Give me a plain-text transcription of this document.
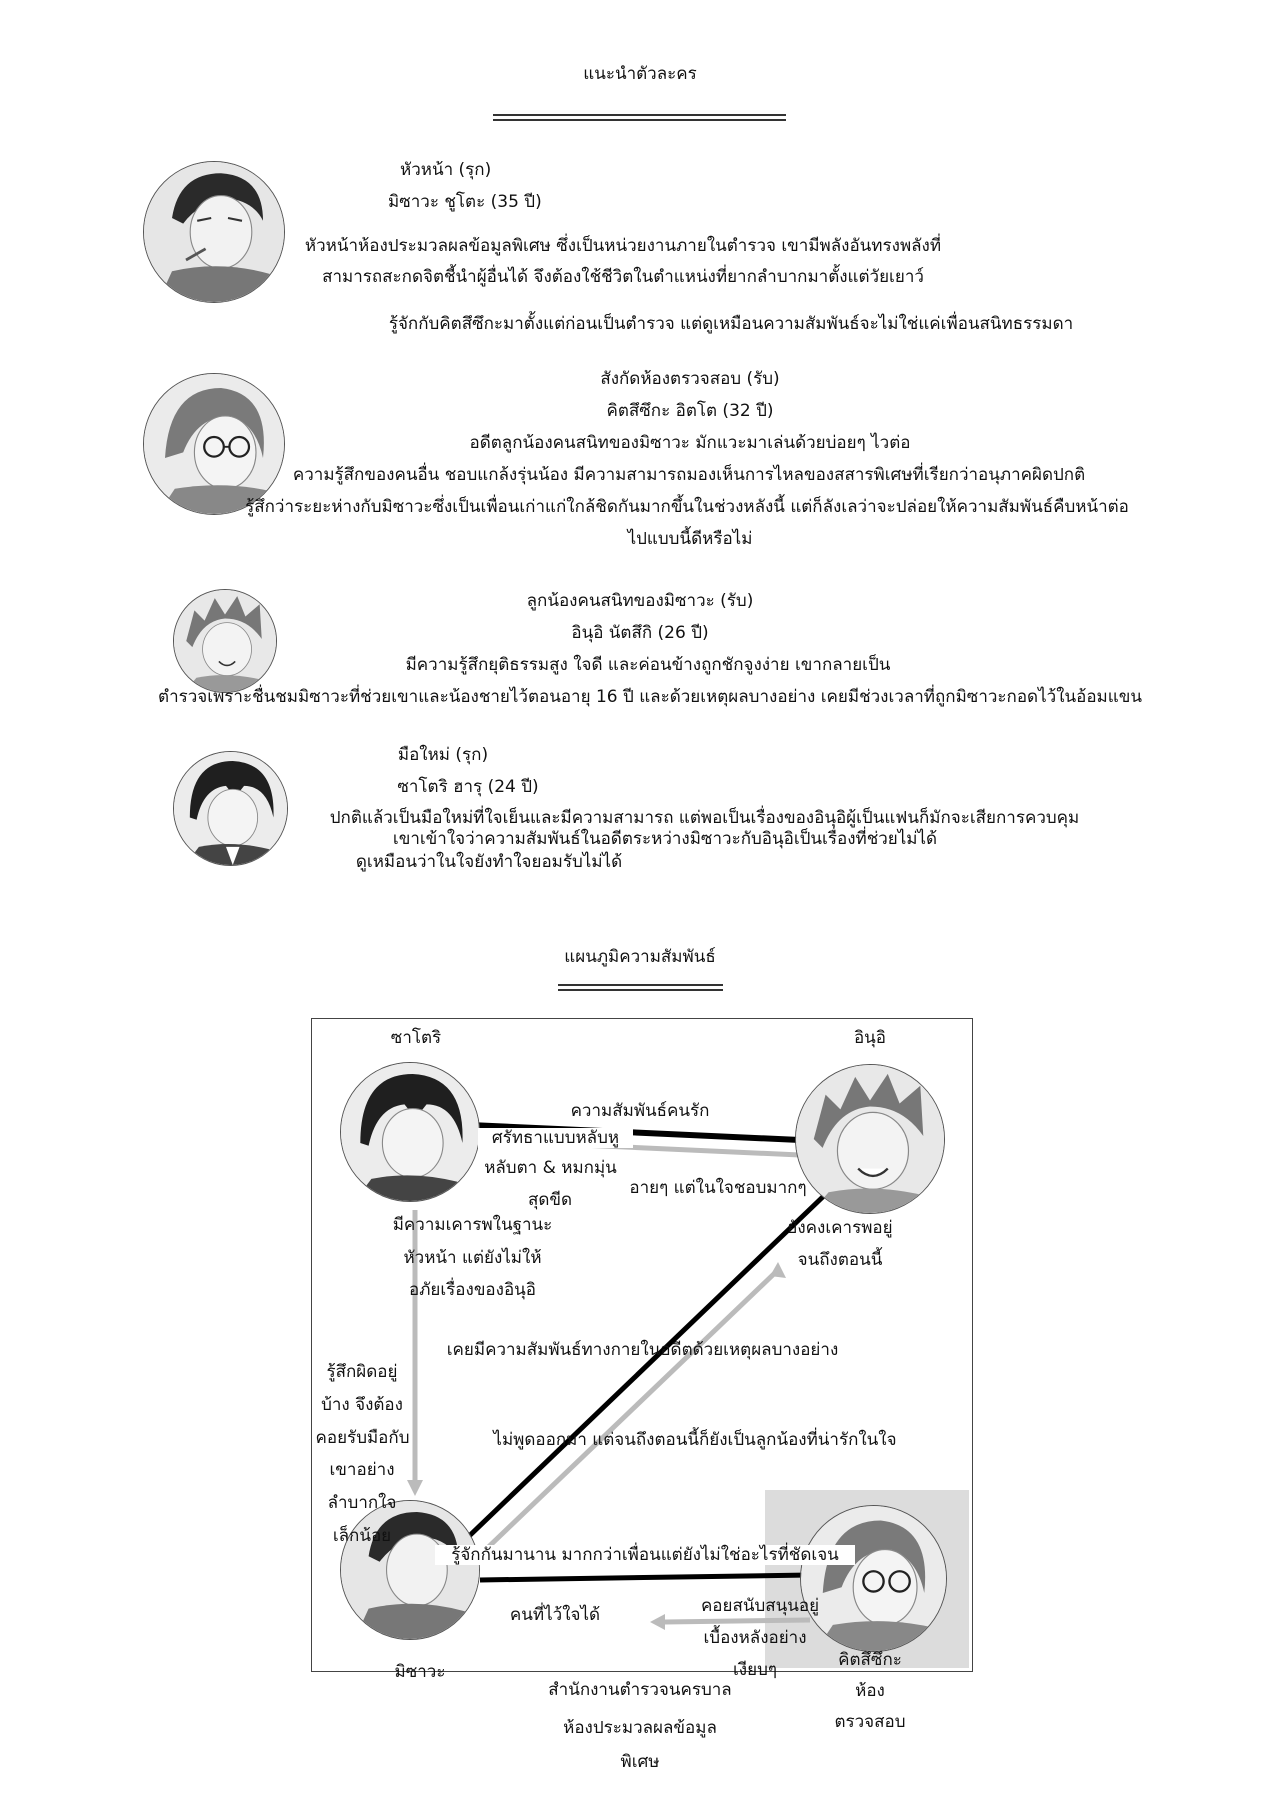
แนะนำตัวละคร
หัวหน้า (รุก)
มิซาวะ ชูโตะ (35 ปี)
หัวหน้าห้องประมวลผลข้อมูลพิเศษ ซึ่งเป็นหน่วยงานภายในตำรวจ เขามีพลังอันทรงพลังที่
สามารถสะกดจิตชี้นำผู้อื่นได้ จึงต้องใช้ชีวิตในตำแหน่งที่ยากลำบากมาตั้งแต่วัยเยาว์
รู้จักกับคิตสึซึกะมาตั้งแต่ก่อนเป็นตำรวจ แต่ดูเหมือนความสัมพันธ์จะไม่ใช่แค่เพื่อนสนิทธรรมดา
สังกัดห้องตรวจสอบ (รับ)
คิตสึซึกะ อิตโต (32 ปี)
อดีตลูกน้องคนสนิทของมิซาวะ มักแวะมาเล่นด้วยบ่อยๆ ไวต่อ
ความรู้สึกของคนอื่น ชอบแกล้งรุ่นน้อง มีความสามารถมองเห็นการไหลของสสารพิเศษที่เรียกว่าอนุภาคผิดปกติ
รู้สึกว่าระยะห่างกับมิซาวะซึ่งเป็นเพื่อนเก่าแก่ใกล้ชิดกันมากขึ้นในช่วงหลังนี้ แต่ก็ลังเลว่าจะปล่อยให้ความสัมพันธ์คืบหน้าต่อ
ไปแบบนี้ดีหรือไม่
ลูกน้องคนสนิทของมิซาวะ (รับ)
อินุอิ นัตสึกิ (26 ปี)
มีความรู้สึกยุติธรรมสูง ใจดี และค่อนข้างถูกชักจูงง่าย เขากลายเป็น
ตำรวจเพราะชื่นชมมิซาวะที่ช่วยเขาและน้องชายไว้ตอนอายุ 16 ปี และด้วยเหตุผลบางอย่าง เคยมีช่วงเวลาที่ถูกมิซาวะกอดไว้ในอ้อมแขน
มือใหม่ (รุก)
ซาโตริ ฮารุ (24 ปี)
ปกติแล้วเป็นมือใหม่ที่ใจเย็นและมีความสามารถ แต่พอเป็นเรื่องของอินุอิผู้เป็นแฟนก็มักจะเสียการควบคุม
เขาเข้าใจว่าความสัมพันธ์ในอดีตระหว่างมิซาวะกับอินุอิเป็นเรื่องที่ช่วยไม่ได้
ดูเหมือนว่าในใจยังทำใจยอมรับไม่ได้
แผนภูมิความสัมพันธ์
ซาโตริ	อินุอิ
มิซาวะ
คิตสึซึกะ
ห้อง
ตรวจสอบ
ความสัมพันธ์คนรัก
ศรัทธาแบบหลับหู
หลับตา & หมกมุ่น
สุดขีด
อายๆ แต่ในใจชอบมากๆ
ยังคงเคารพอยู่
จนถึงตอนนี้
มีความเคารพในฐานะ
หัวหน้า แต่ยังไม่ให้
อภัยเรื่องของอินุอิ
เคยมีความสัมพันธ์ทางกายในอดีตด้วยเหตุผลบางอย่าง
รู้สึกผิดอยู่
บ้าง จึงต้อง
คอยรับมือกับ
เขาอย่าง
ลำบากใจ
เล็กน้อย
ไม่พูดออกมา แต่จนถึงตอนนี้ก็ยังเป็นลูกน้องที่น่ารักในใจ
รู้จักกันมานาน มากกว่าเพื่อนแต่ยังไม่ใช่อะไรที่ชัดเจน
คนที่ไว้ใจได้	คอยสนับสนุนอยู่
เบื้องหลังอย่าง
เงียบๆ
สำนักงานตำรวจนครบาล
ห้องประมวลผลข้อมูล
พิเศษ
